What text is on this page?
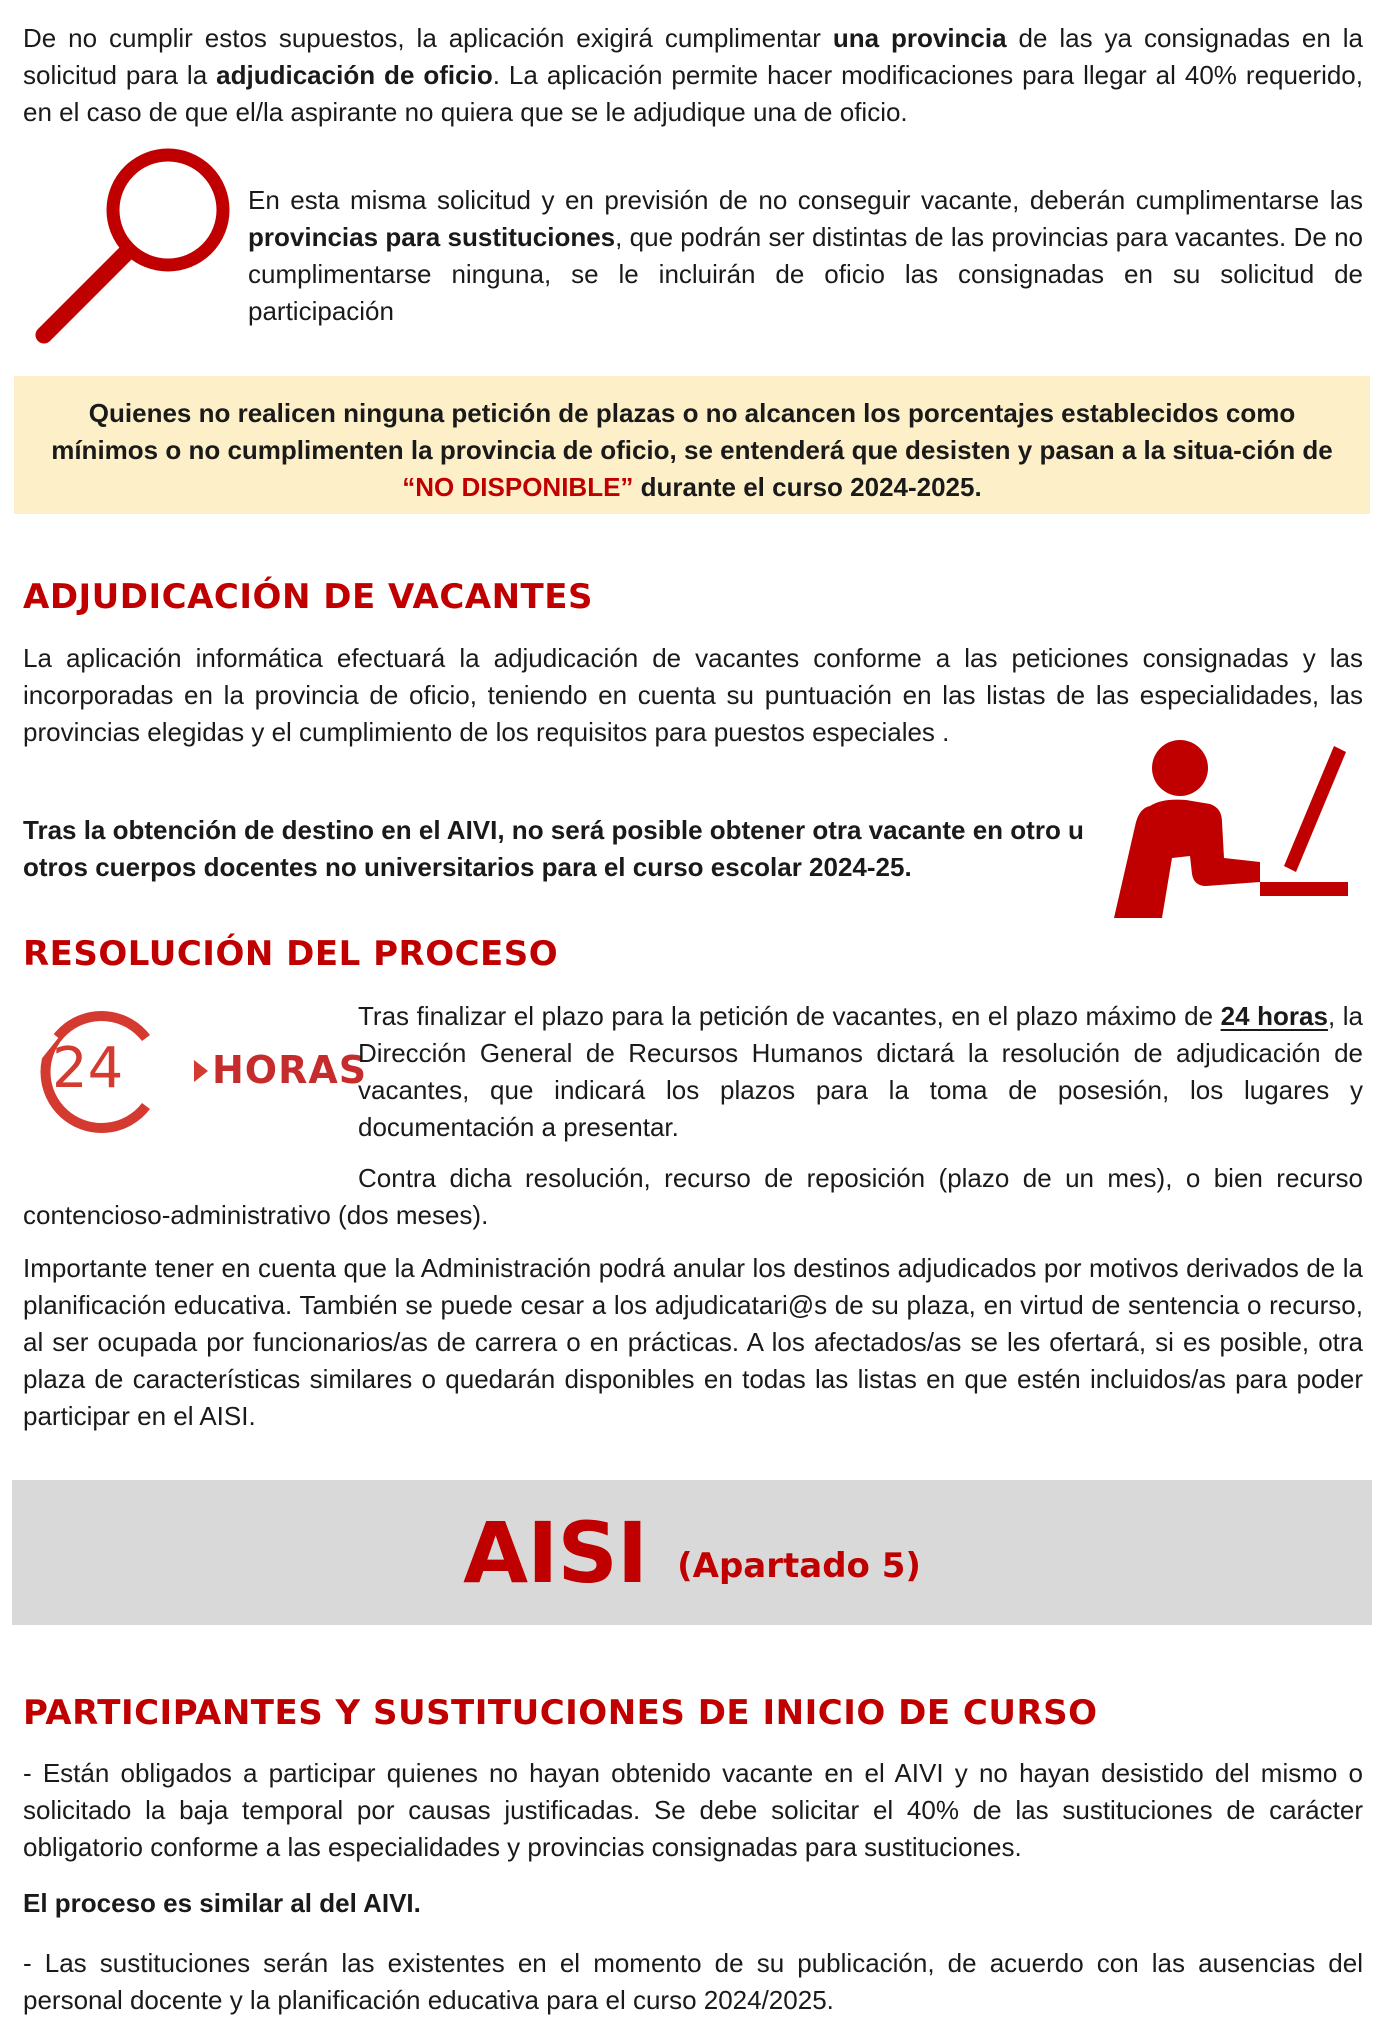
De no cumplir estos supuestos, la aplicación exigirá cumplimentar una provincia de las ya consignadas en la solicitud para la adjudicación de oficio. La aplicación permite hacer modificaciones para llegar al 40% requerido, en el caso de que el/la aspirante no quiera que se le adjudique una de oficio.

En esta misma solicitud y en previsión de no conseguir vacante, deberán cumplimentarse las provincias para sustituciones, que podrán ser distintas de las provincias para vacantes. De no cumplimentarse ninguna, se le incluirán de oficio las consignadas en su solicitud de participación

Quienes no realicen ninguna petición de plazas o no alcancen los porcentajes establecidos como mínimos o no cumplimenten la provincia de oficio, se entenderá que desisten y pasan a la situa-ción de “NO DISPONIBLE” durante el curso 2024-2025.
ADJUDICACIÓN DE VACANTES

La aplicación informática efectuará la adjudicación de vacantes conforme a las peticiones consignadas y las incorporadas en la provincia de oficio, teniendo en cuenta su puntuación en las listas de las especialidades, las provincias elegidas y el cumplimiento de los requisitos para puestos especiales .

Tras la obtención de destino en el AIVI, no será posible obtener otra vacante en otro u otros cuerpos docentes no universitarios para el curso escolar 2024-25.

RESOLUCIÓN DEL PROCESO
24 HORAS

Tras finalizar el plazo para la petición de vacantes, en el plazo máximo de 24 horas, la Dirección General de Recursos Humanos dictará la resolución de adjudicación de vacantes, que indicará los plazos para la toma de posesión, los lugares y documentación a presentar.

Contra dicha resolución, recurso de reposición (plazo de un mes), o bien recurso contencioso-administrativo (dos meses).

Importante tener en cuenta que la Administración podrá anular los destinos adjudicados por motivos derivados de la planificación educativa. También se puede cesar a los adjudicatari@s de su plaza, en virtud de sentencia o recurso, al ser ocupada por funcionarios/as de carrera o en prácticas. A los afectados/as se les ofertará, si es posible, otra plaza de características similares o quedarán disponibles en todas las listas en que estén incluidos/as para poder participar en el AISI.

AISI (Apartado 5)
PARTICIPANTES Y SUSTITUCIONES DE INICIO DE CURSO

- Están obligados a participar quienes no hayan obtenido vacante en el AIVI y no hayan desistido del mismo o solicitado la baja temporal por causas justificadas. Se debe solicitar el 40% de las sustituciones de carácter obligatorio conforme a las especialidades y provincias consignadas para sustituciones.

El proceso es similar al del AIVI.

- Las sustituciones serán las existentes en el momento de su publicación, de acuerdo con las ausencias del personal docente y la planificación educativa para el curso 2024/2025.
